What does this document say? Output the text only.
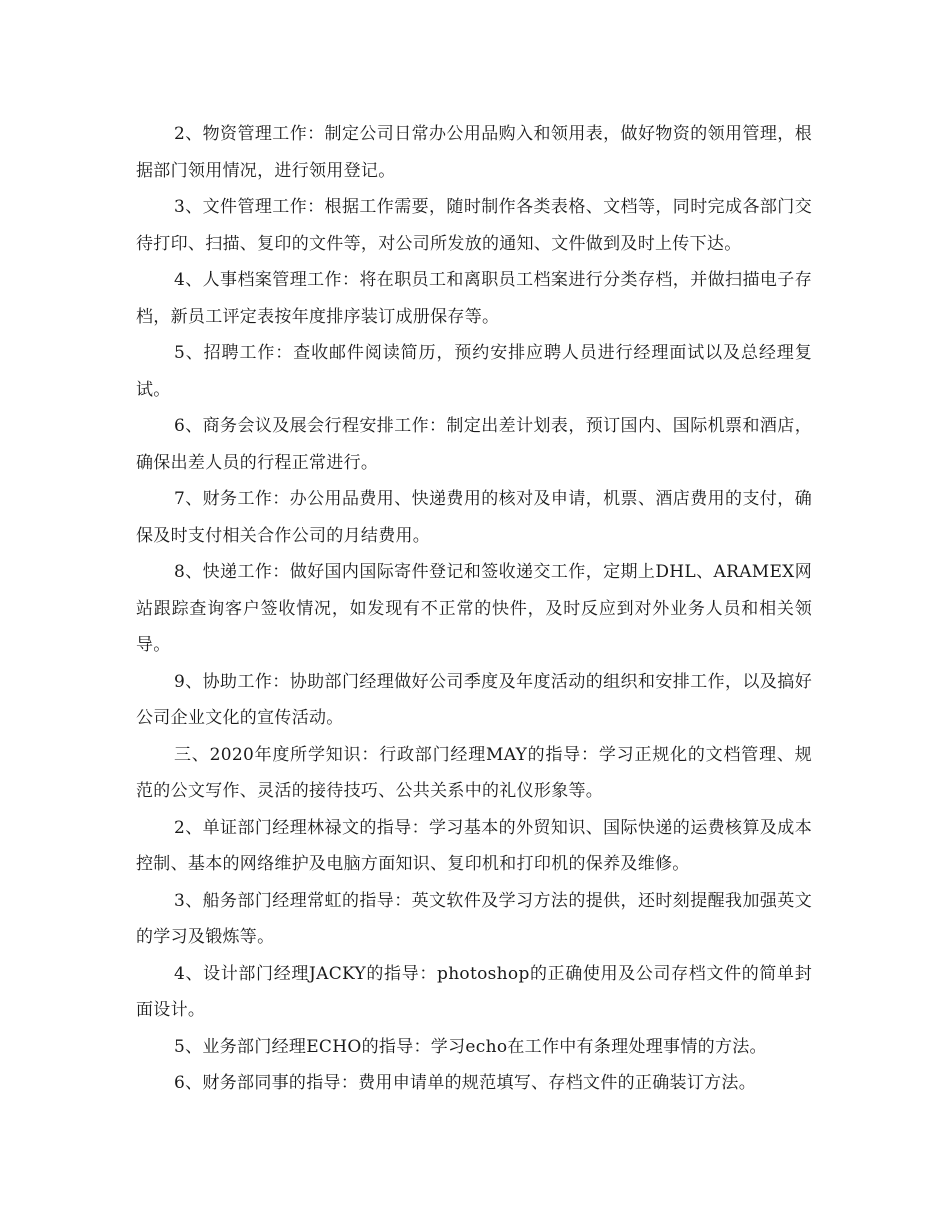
2、物资管理工作：制定公司日常办公用品购入和领用表，做好物资的领用管理，根据部门领用情况，进行领用登记。

3、文件管理工作：根据工作需要，随时制作各类表格、文档等，同时完成各部门交待打印、扫描、复印的文件等，对公司所发放的通知、文件做到及时上传下达。

4、人事档案管理工作：将在职员工和离职员工档案进行分类存档，并做扫描电子存档，新员工评定表按年度排序装订成册保存等。

5、招聘工作：查收邮件阅读简历，预约安排应聘人员进行经理面试以及总经理复试。

6、商务会议及展会行程安排工作：制定出差计划表，预订国内、国际机票和酒店，确保出差人员的行程正常进行。

7、财务工作：办公用品费用、快递费用的核对及申请，机票、酒店费用的支付，确保及时支付相关合作公司的月结费用。

8、快递工作：做好国内国际寄件登记和签收递交工作，定期上DHL、ARAMEX网站跟踪查询客户签收情况，如发现有不正常的快件，及时反应到对外业务人员和相关领导。

9、协助工作：协助部门经理做好公司季度及年度活动的组织和安排工作，以及搞好公司企业文化的宣传活动。

三、2020年度所学知识：行政部门经理MAY的指导：学习正规化的文档管理、规范的公文写作、灵活的接待技巧、公共关系中的礼仪形象等。

2、单证部门经理林禄文的指导：学习基本的外贸知识、国际快递的运费核算及成本控制、基本的网络维护及电脑方面知识、复印机和打印机的保养及维修。

3、船务部门经理常虹的指导：英文软件及学习方法的提供，还时刻提醒我加强英文的学习及锻炼等。

4、设计部门经理JACKY的指导：photoshop的正确使用及公司存档文件的简单封面设计。

5、业务部门经理ECHO的指导：学习echo在工作中有条理处理事情的方法。

6、财务部同事的指导：费用申请单的规范填写、存档文件的正确装订方法。
